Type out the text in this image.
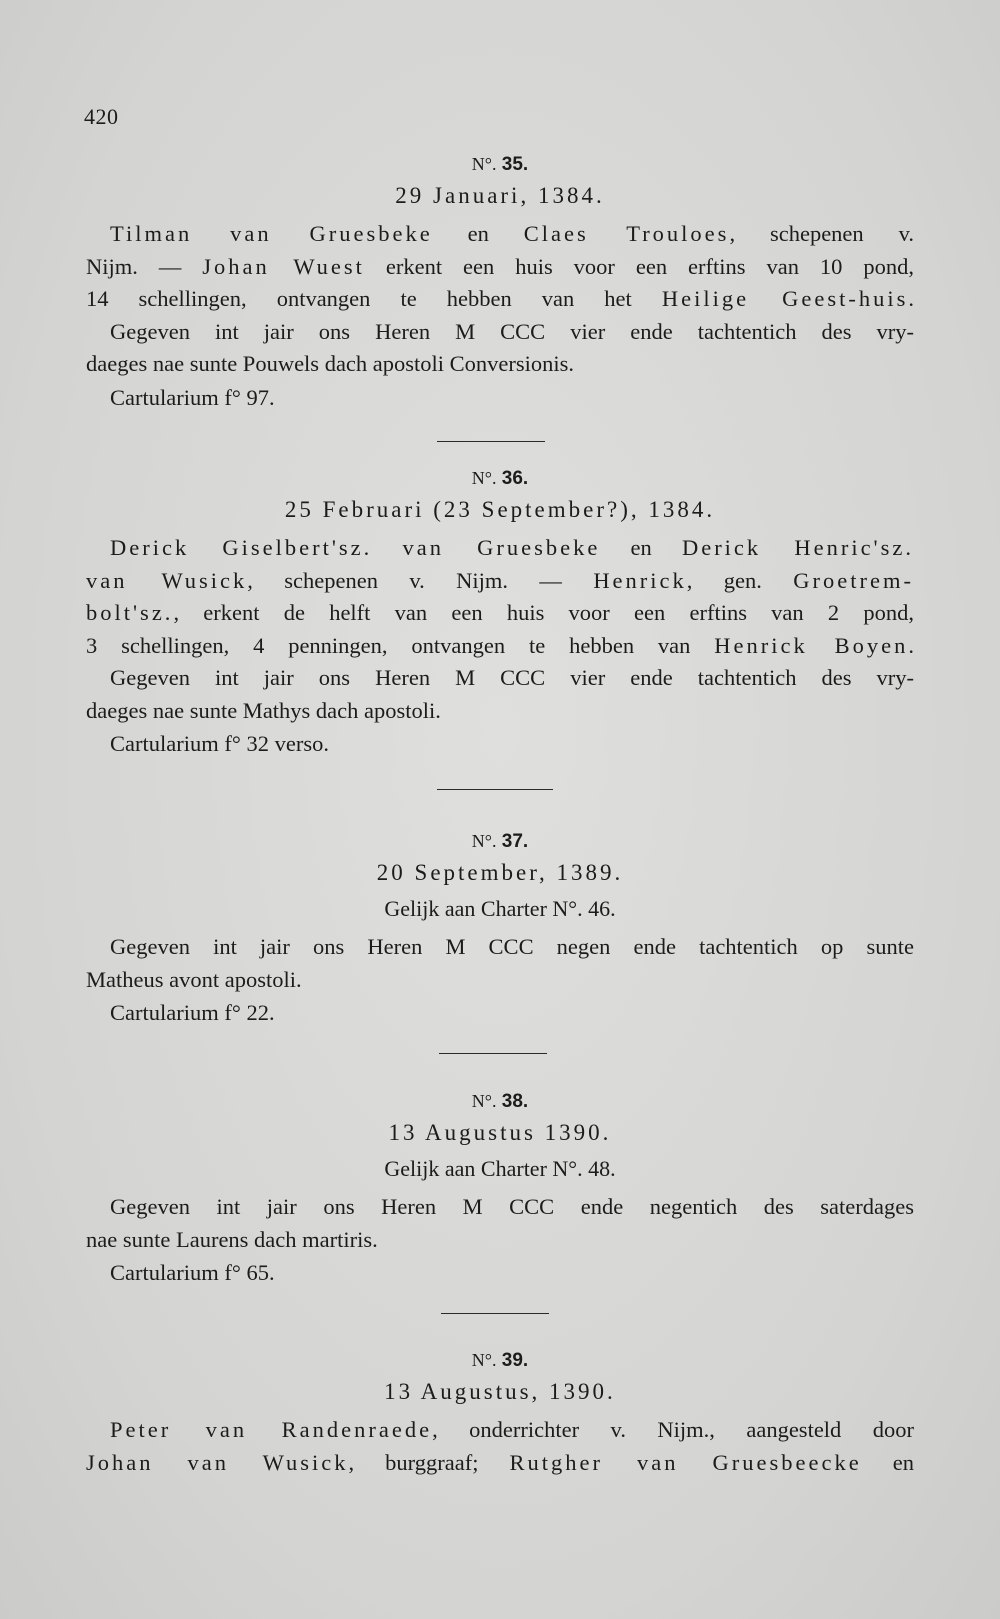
420
N°. 35.
29 Januari, 1384.
Tilman van Gruesbeke en Claes Trouloes, schepenen v.
Nijm. — Johan Wuest erkent een huis voor een erftins van 10 pond,
14 schellingen, ontvangen te hebben van het Heilige Geest-huis.
Gegeven int jair ons Heren M CCC vier ende tachtentich des vry-
daeges nae sunte Pouwels dach apostoli Conversionis.
Cartularium f° 97.
N°. 36.
25 Februari (23 September?), 1384.
Derick Giselbert'sz. van Gruesbeke en Derick Henric'sz.
van Wusick, schepenen v. Nijm. — Henrick, gen. Groetrem-
bolt'sz., erkent de helft van een huis voor een erftins van 2 pond,
3 schellingen, 4 penningen, ontvangen te hebben van Henrick Boyen.
Gegeven int jair ons Heren M CCC vier ende tachtentich des vry-
daeges nae sunte Mathys dach apostoli.
Cartularium f° 32 verso.
N°. 37.
20 September, 1389.
Gelijk aan Charter N°. 46.
Gegeven int jair ons Heren M CCC negen ende tachtentich op sunte
Matheus avont apostoli.
Cartularium f° 22.
N°. 38.
13 Augustus 1390.
Gelijk aan Charter N°. 48.
Gegeven int jair ons Heren M CCC ende negentich des saterdages
nae sunte Laurens dach martiris.
Cartularium f° 65.
N°. 39.
13 Augustus, 1390.
Peter van Randenraede, onderrichter v. Nijm., aangesteld door
Johan van Wusick, burggraaf; Rutgher van Gruesbeecke en
